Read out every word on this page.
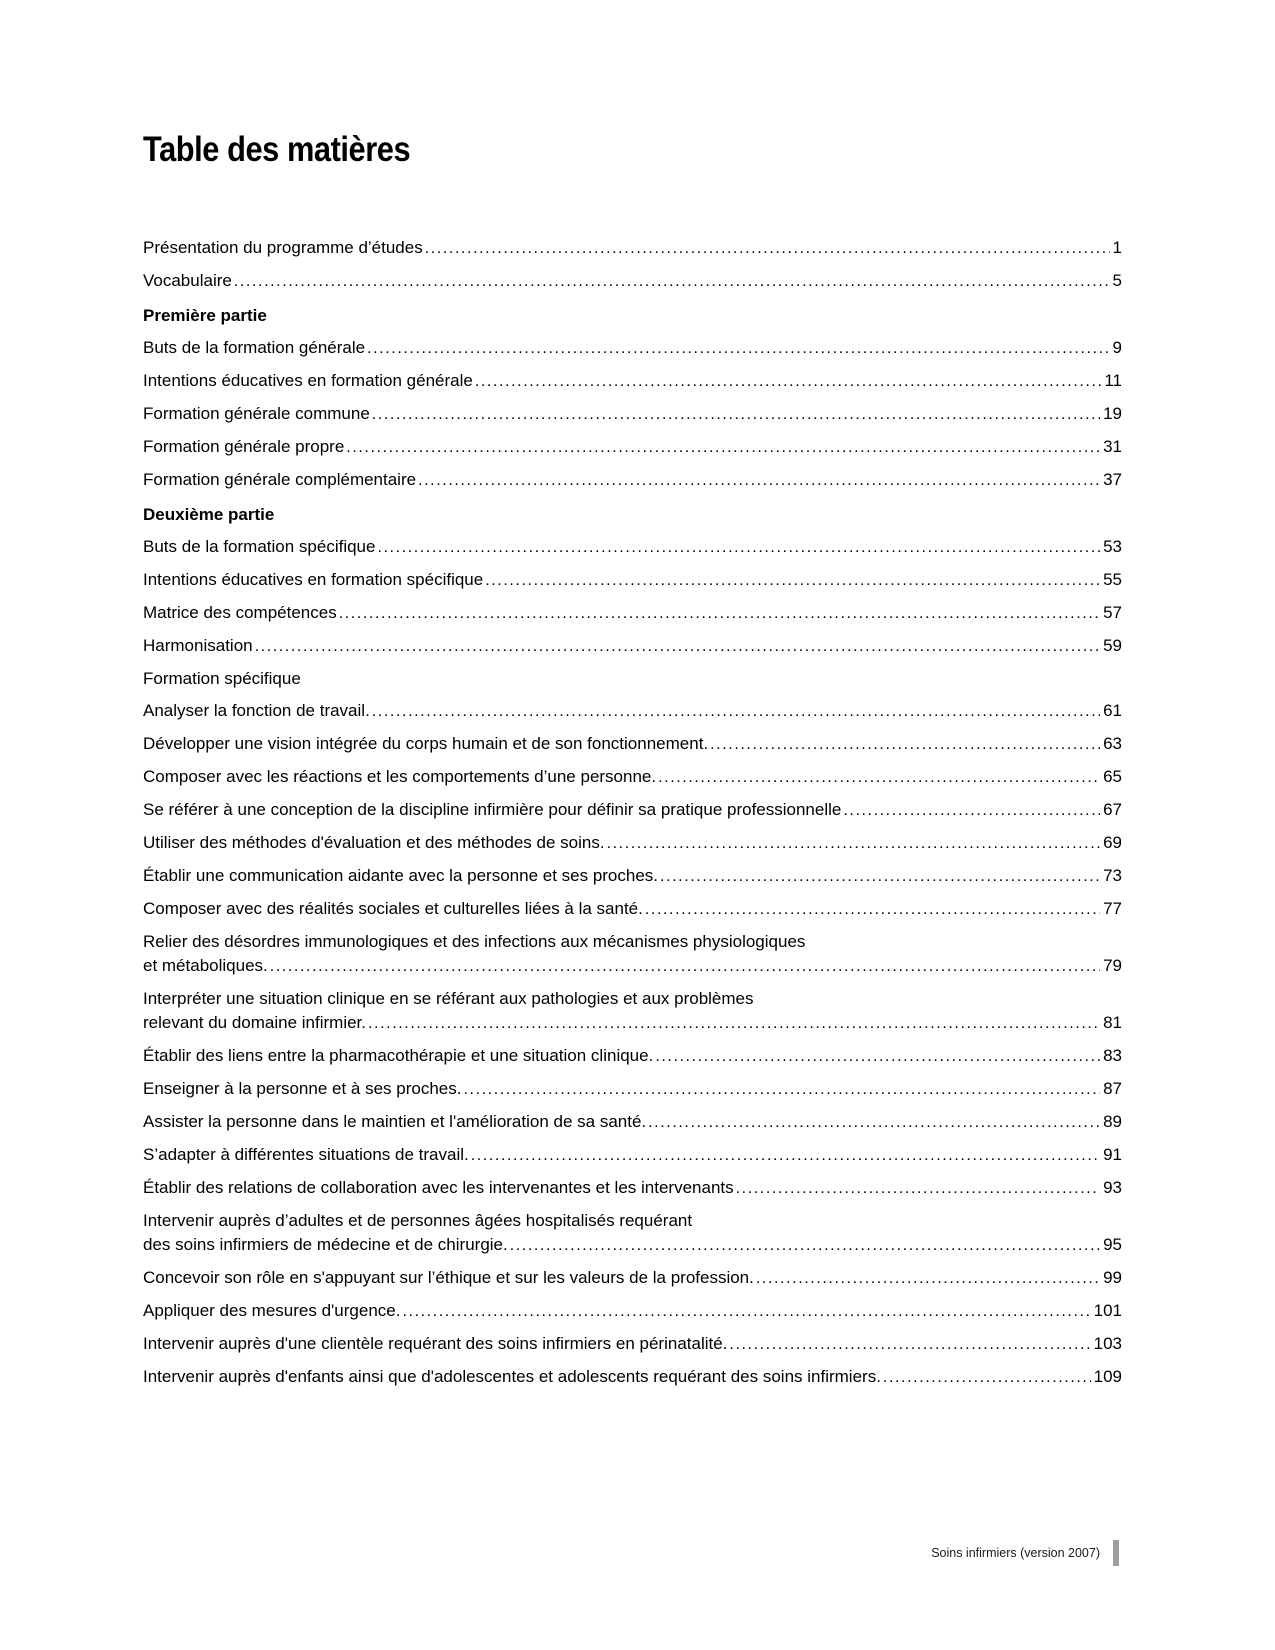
Table des matières
Présentation du programme d’études .....	1
Vocabulaire .....	5
Première partie
Buts de la formation générale .....	9
Intentions éducatives en formation générale .....	11
Formation générale commune .....	19
Formation générale propre .....	31
Formation générale complémentaire .....	37
Deuxième partie
Buts de la formation spécifique .....	53
Intentions éducatives en formation spécifique .....	55
Matrice des compétences .....	57
Harmonisation .....	59
Formation spécifique
Analyser la fonction de travail. .....	61
Développer une vision intégrée du corps humain et de son fonctionnement. .....	63
Composer avec les réactions et les comportements d’une personne. .....	65
Se référer à une conception de la discipline infirmière pour définir sa pratique professionnelle .....	67
Utiliser des méthodes d'évaluation et des méthodes de soins. .....	69
Établir une communication aidante avec la personne et ses proches. .....	73
Composer avec des réalités sociales et culturelles liées à la santé. .....	77
Relier des désordres immunologiques et des infections aux mécanismes physiologiques
et métaboliques. .....	79
Interpréter une situation clinique en se référant aux pathologies et aux problèmes
relevant du domaine infirmier. .....	81
Établir des liens entre la pharmacothérapie et une situation clinique. .....	83
Enseigner à la personne et à ses proches. .....	87
Assister la personne dans le maintien et l'amélioration de sa santé. .....	89
S’adapter à différentes situations de travail. .....	91
Établir des relations de collaboration avec les intervenantes et les intervenants .....	93
Intervenir auprès d’adultes et de personnes âgées hospitalisés requérant
des soins infirmiers de médecine et de chirurgie. .....	95
Concevoir son rôle en s'appuyant sur l’éthique et sur les valeurs de la profession. .....	99
Appliquer des mesures d'urgence. .....	101
Intervenir auprès d'une clientèle requérant des soins infirmiers en périnatalité. .....	103
Intervenir auprès d'enfants ainsi que d'adolescentes et adolescents requérant des soins infirmiers. .....	109
Soins infirmiers (version 2007)
